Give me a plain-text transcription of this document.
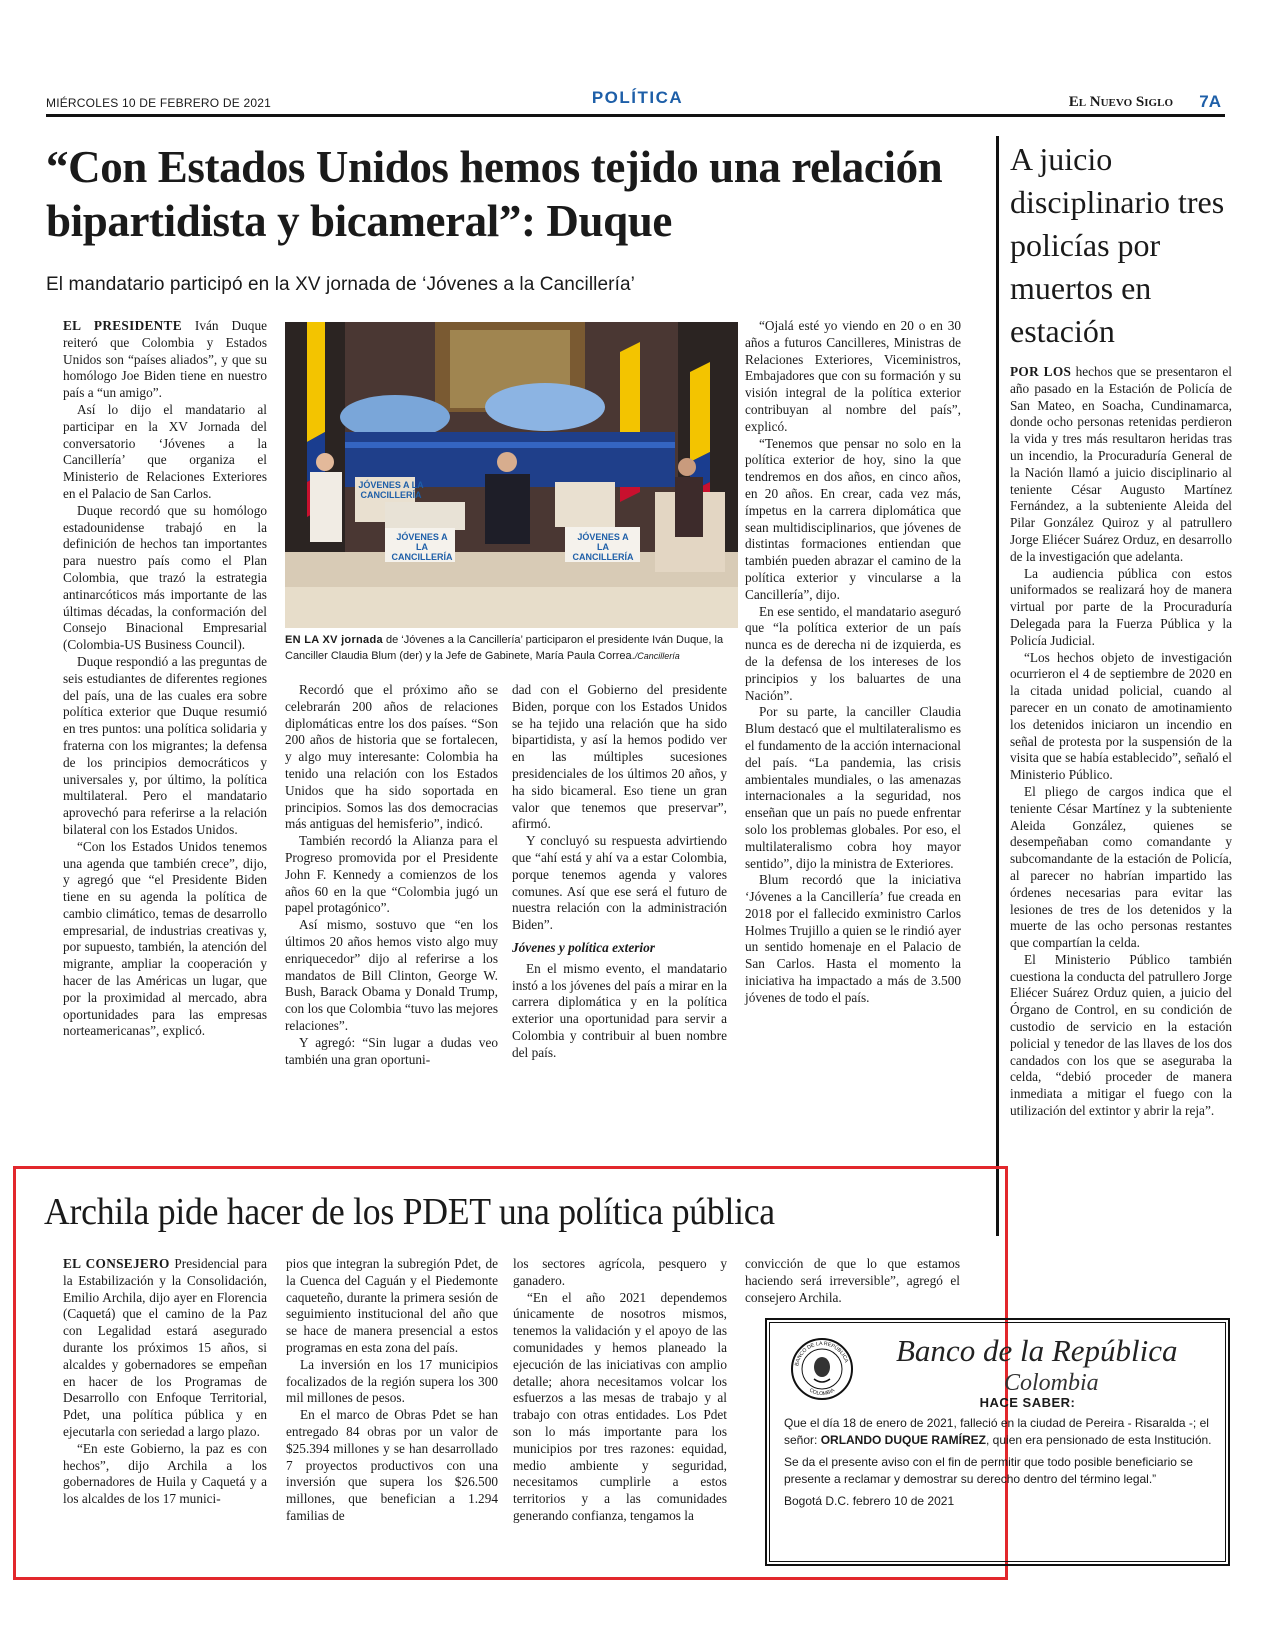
MIÉRCOLES 10 DE FEBRERO DE 2021	POLÍTICA	El Nuevo Siglo 7A
“Con Estados Unidos hemos tejido una relación bipartidista y bicameral”: Duque
El mandatario participó en la XV jornada de ‘Jóvenes a la Cancillería’

EL PRESIDENTE Iván Duque reiteró que Colombia y Estados Unidos son “países aliados”, y que su homólogo Joe Biden tiene en nuestro país a “un amigo”.

Así lo dijo el mandatario al participar en la XV Jornada del conversatorio ‘Jóvenes a la Cancillería’ que organiza el Ministerio de Relaciones Exteriores en el Palacio de San Carlos.

Duque recordó que su homólogo estadounidense trabajó en la definición de hechos tan importantes para nuestro país como el Plan Colombia, que trazó la estrategia antinarcóticos más importante de las últimas décadas, la conformación del Consejo Binacional Empresarial (Colombia-US Business Council).

Duque respondió a las preguntas de seis estudiantes de diferentes regiones del país, una de las cuales era sobre política exterior que Duque resumió en tres puntos: una política solidaria y fraterna con los migrantes; la defensa de los principios democráticos y universales y, por último, la política multilateral. Pero el mandatario aprovechó para referirse a la relación bilateral con los Estados Unidos.

“Con los Estados Unidos tenemos una agenda que también crece”, dijo, y agregó que “el Presidente Biden tiene en su agenda la política de cambio climático, temas de desarrollo empresarial, de industrias creativas y, por supuesto, también, la atención del migrante, ampliar la cooperación y hacer de las Américas un lugar, que por la proximidad al mercado, abra oportunidades para las empresas norteamericanas”, explicó.

JÓVENES A LA CANCILLERÍA
JÓVENES A LA CANCILLERÍA
JÓVENES A LA CANCILLERÍA
EN LA XV jornada de ‘Jóvenes a la Cancillería’ participaron el presidente Iván Duque, la Canciller Claudia Blum (der) y la Jefe de Gabinete, María Paula Correa./Cancillería

Recordó que el próximo año se celebrarán 200 años de relaciones diplomáticas entre los dos países. “Son 200 años de historia que se fortalecen, y algo muy interesante: Colombia ha tenido una relación con los Estados Unidos que ha sido soportada en principios. Somos las dos democracias más antiguas del hemisferio”, indicó.

También recordó la Alianza para el Progreso promovida por el Presidente John F. Kennedy a comienzos de los años 60 en la que “Colombia jugó un papel protagónico”.

Así mismo, sostuvo que “en los últimos 20 años hemos visto algo muy enriquecedor” dijo al referirse a los mandatos de Bill Clinton, George W. Bush, Barack Obama y Donald Trump, con los que Colombia “tuvo las mejores relaciones”.

Y agregó: “Sin lugar a dudas veo también una gran oportuni-

dad con el Gobierno del presidente Biden, porque con los Estados Unidos se ha tejido una relación que ha sido bipartidista, y así la hemos podido ver en las múltiples sucesiones presidenciales de los últimos 20 años, y ha sido bicameral. Eso tiene un gran valor que tenemos que preservar”, afirmó.

Y concluyó su respuesta advirtiendo que “ahí está y ahí va a estar Colombia, porque tenemos agenda y valores comunes. Así que ese será el futuro de nuestra relación con la administración Biden”.

Jóvenes y política exterior

En el mismo evento, el mandatario instó a los jóvenes del país a mirar en la carrera diplomática y en la política exterior una oportunidad para servir a Colombia y contribuir al buen nombre del país.

“Ojalá esté yo viendo en 20 o en 30 años a futuros Cancilleres, Ministras de Relaciones Exteriores, Viceministros, Embajadores que con su formación y su visión integral de la política exterior contribuyan al nombre del país”, explicó.

“Tenemos que pensar no solo en la política exterior de hoy, sino la que tendremos en dos años, en cinco años, en 20 años. En crear, cada vez más, ímpetus en la carrera diplomática que sean multidisciplinarios, que jóvenes de distintas formaciones entiendan que también pueden abrazar el camino de la política exterior y vincularse a la Cancillería”, dijo.

En ese sentido, el mandatario aseguró que “la política exterior de un país nunca es de derecha ni de izquierda, es de la defensa de los intereses de los principios y los baluartes de una Nación”.

Por su parte, la canciller Claudia Blum destacó que el multilateralismo es el fundamento de la acción internacional del país. “La pandemia, las crisis ambientales mundiales, o las amenazas internacionales a la seguridad, nos enseñan que un país no puede enfrentar solo los problemas globales. Por eso, el multilateralismo cobra hoy mayor sentido”, dijo la ministra de Exteriores.

Blum recordó que la iniciativa ‘Jóvenes a la Cancillería’ fue creada en 2018 por el fallecido exministro Carlos Holmes Trujillo a quien se le rindió ayer un sentido homenaje en el Palacio de San Carlos. Hasta el momento la iniciativa ha impactado a más de 3.500 jóvenes de todo el país.

A juicio disciplinario tres policías por muertos en estación

POR LOS hechos que se presentaron el año pasado en la Estación de Policía de San Mateo, en Soacha, Cundinamarca, donde ocho personas retenidas perdieron la vida y tres más resultaron heridas tras un incendio, la Procuraduría General de la Nación llamó a juicio disciplinario al teniente César Augusto Martínez Fernández, a la subteniente Aleida del Pilar González Quiroz y al patrullero Jorge Eliécer Suárez Orduz, en desarrollo de la investigación que adelanta.

La audiencia pública con estos uniformados se realizará hoy de manera virtual por parte de la Procuraduría Delegada para la Fuerza Pública y la Policía Judicial.

“Los hechos objeto de investigación ocurrieron el 4 de septiembre de 2020 en la citada unidad policial, cuando al parecer en un conato de amotinamiento los detenidos iniciaron un incendio en señal de protesta por la suspensión de la visita que se había establecido”, señaló el Ministerio Público.

El pliego de cargos indica que el teniente César Martínez y la subteniente Aleida González, quienes se desempeñaban como comandante y subcomandante de la estación de Policía, al parecer no habrían impartido las órdenes necesarias para evitar las lesiones de tres de los detenidos y la muerte de las ocho personas restantes que compartían la celda.

El Ministerio Público también cuestiona la conducta del patrullero Jorge Eliécer Suárez Orduz quien, a juicio del Órgano de Control, en su condición de custodio de servicio en la estación policial y tenedor de las llaves de los dos candados con los que se aseguraba la celda, “debió proceder de manera inmediata a mitigar el fuego con la utilización del extintor y abrir la reja”.

Archila pide hacer de los PDET una política pública

EL CONSEJERO Presidencial para la Estabilización y la Consolidación, Emilio Archila, dijo ayer en Florencia (Caquetá) que el camino de la Paz con Legalidad estará asegurado durante los próximos 15 años, si alcaldes y gobernadores se empeñan en hacer de los Programas de Desarrollo con Enfoque Territorial, Pdet, una política pública y en ejecutarla con seriedad a largo plazo.

“En este Gobierno, la paz es con hechos”, dijo Archila a los gobernadores de Huila y Caquetá y a los alcaldes de los 17 munici-

pios que integran la subregión Pdet, de la Cuenca del Caguán y el Piedemonte caqueteño, durante la primera sesión de seguimiento institucional del año que se hace de manera presencial a estos programas en esta zona del país.

La inversión en los 17 municipios focalizados de la región supera los 300 mil millones de pesos.

En el marco de Obras Pdet se han entregado 84 obras por un valor de $25.394 millones y se han desarrollado 7 proyectos productivos con una inversión que supera los $26.500 millones, que benefician a 1.294 familias de

los sectores agrícola, pesquero y ganadero.

“En el año 2021 dependemos únicamente de nosotros mismos, tenemos la validación y el apoyo de las comunidades y hemos planeado la ejecución de las iniciativas con amplio detalle; ahora necesitamos volcar los esfuerzos a las mesas de trabajo y al trabajo con otras entidades. Los Pdet son lo más importante para los municipios por tres razones: equidad, medio ambiente y seguridad, necesitamos cumplirle a estos territorios y a las comunidades generando confianza, tengamos la

convicción de que lo que estamos haciendo será irreversible”, agregó el consejero Archila.

BANCO DE LA REPÚBLICA
COLOMBIA
Banco de la República
Colombia
HACE SABER:

Que el día 18 de enero de 2021, falleció en la ciudad de Pereira - Risaralda -; el señor: ORLANDO DUQUE RAMÍREZ, quien era pensionado de esta Institución.

Se da el presente aviso con el fin de permitir que todo posible beneficiario se presente a reclamar y demostrar su derecho dentro del término legal.”

Bogotá D.C. febrero 10 de 2021
